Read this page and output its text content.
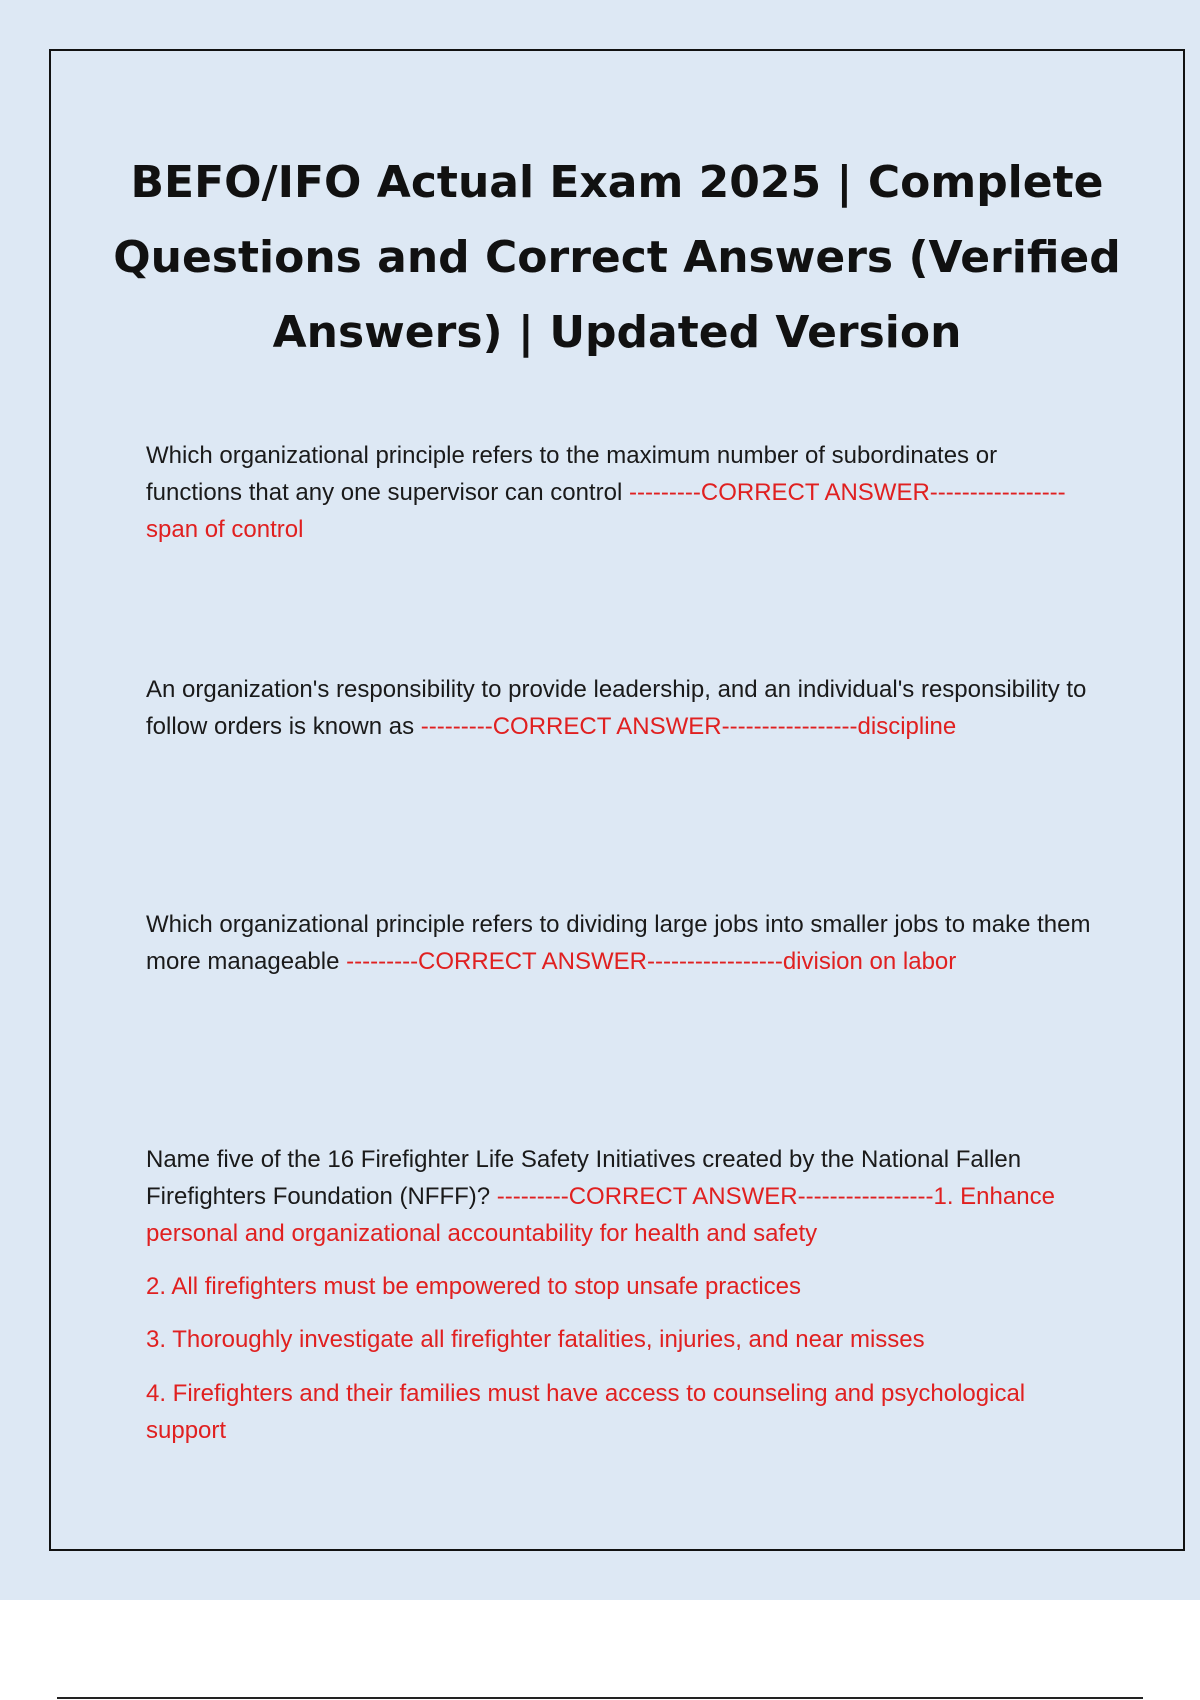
BEFO/IFO Actual Exam 2025 | Complete Questions and Correct Answers (Verified Answers) | Updated Version

Which organizational principle refers to the maximum number of subordinates or functions that any one supervisor can control ---------CORRECT ANSWER-----------------span of control

An organization's responsibility to provide leadership, and an individual's responsibility to follow orders is known as ---------CORRECT ANSWER-----------------discipline

Which organizational principle refers to dividing large jobs into smaller jobs to make them more manageable ---------CORRECT ANSWER-----------------division on labor

Name five of the 16 Firefighter Life Safety Initiatives created by the National Fallen Firefighters Foundation (NFFF)? ---------CORRECT ANSWER-----------------1. Enhance personal and organizational accountability for health and safety

2. All firefighters must be empowered to stop unsafe practices

3. Thoroughly investigate all firefighter fatalities, injuries, and near misses

4. Firefighters and their families must have access to counseling and psychological support
